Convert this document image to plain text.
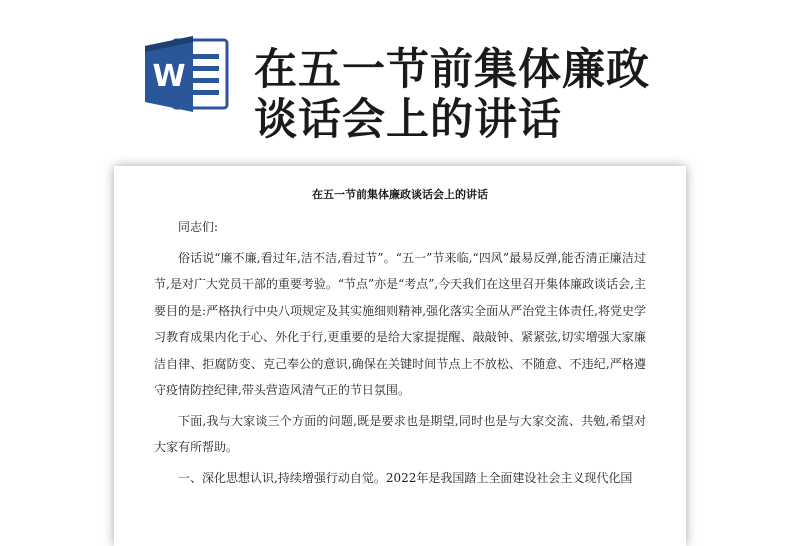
W 在五一节前集体廉政
谈话会上的讲话
在五一节前集体廉政谈话会上的讲话

同志们:

俗话说“廉不廉,看过年,洁不洁,看过节”。“五一”节来临,“四风”最易反弹,能否清正廉洁过节,是对广大党员干部的重要考验。“节点”亦是“考点”,今天我们在这里召开集体廉政谈话会,主要目的是:严格执行中央八项规定及其实施细则精神,强化落实全面从严治党主体责任,将党史学习教育成果内化于心、外化于行,更重要的是给大家提提醒、敲敲钟、紧紧弦,切实增强大家廉洁自律、拒腐防变、克己奉公的意识,确保在关键时间节点上不放松、不随意、不违纪,严格遵守疫情防控纪律,带头营造风清气正的节日氛围。

下面,我与大家谈三个方面的问题,既是要求也是期望,同时也是与大家交流、共勉,希望对大家有所帮助。

一、深化思想认识,持续增强行动自觉。2022年是我国踏上全面建设社会主义现代化国
